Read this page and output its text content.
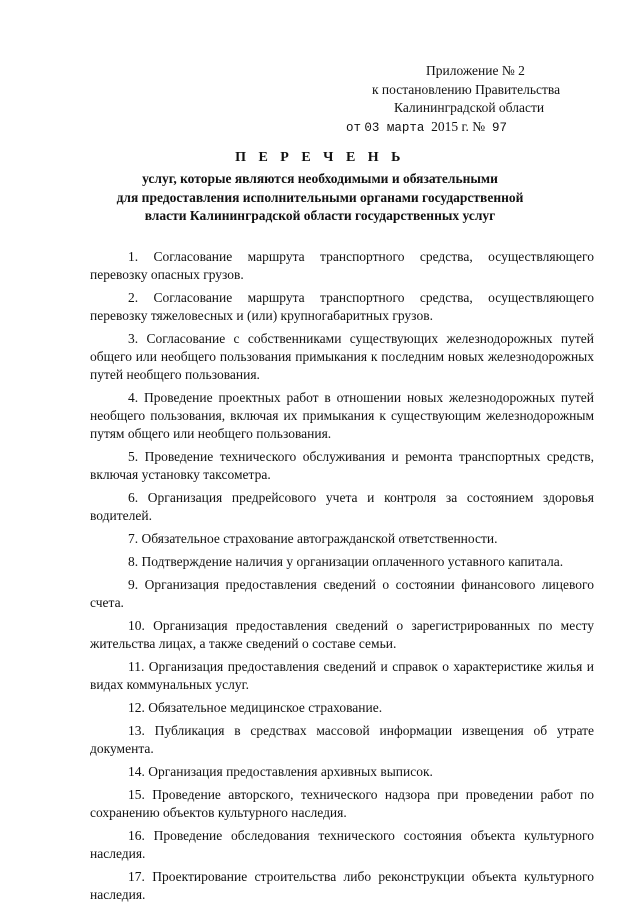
Приложение № 2
к постановлению Правительства
Калининградской области
от 03 марта 2015 г. № 97
П Е Р Е Ч Е Н Ь
услуг, которые являются необходимыми и обязательными
для предоставления исполнительными органами государственной
власти Калининградской области государственных услуг
1. Согласование маршрута транспортного средства, осуществляющего перевозку опасных грузов.
2. Согласование маршрута транспортного средства, осуществляющего перевозку тяжеловесных и (или) крупногабаритных грузов.
3. Согласование с собственниками существующих железнодорожных путей общего или необщего пользования примыкания к последним новых железнодорожных путей необщего пользования.
4. Проведение проектных работ в отношении новых железнодорожных путей необщего пользования, включая их примыкания к существующим железнодорожным путям общего или необщего пользования.
5. Проведение технического обслуживания и ремонта транспортных средств, включая установку таксометра.
6. Организация предрейсового учета и контроля за состоянием здоровья водителей.
7. Обязательное страхование автогражданской ответственности.
8. Подтверждение наличия у организации оплаченного уставного капитала.
9. Организация предоставления сведений о состоянии финансового лицевого счета.
10. Организация предоставления сведений о зарегистрированных по месту жительства лицах, а также сведений о составе семьи.
11. Организация предоставления сведений и справок о характеристике жилья и видах коммунальных услуг.
12. Обязательное медицинское страхование.
13. Публикация в средствах массовой информации извещения об утрате документа.
14. Организация предоставления архивных выписок.
15. Проведение авторского, технического надзора при проведении работ по сохранению объектов культурного наследия.
16. Проведение обследования технического состояния объекта культурного наследия.
17. Проектирование строительства либо реконструкции объекта культурного наследия.
